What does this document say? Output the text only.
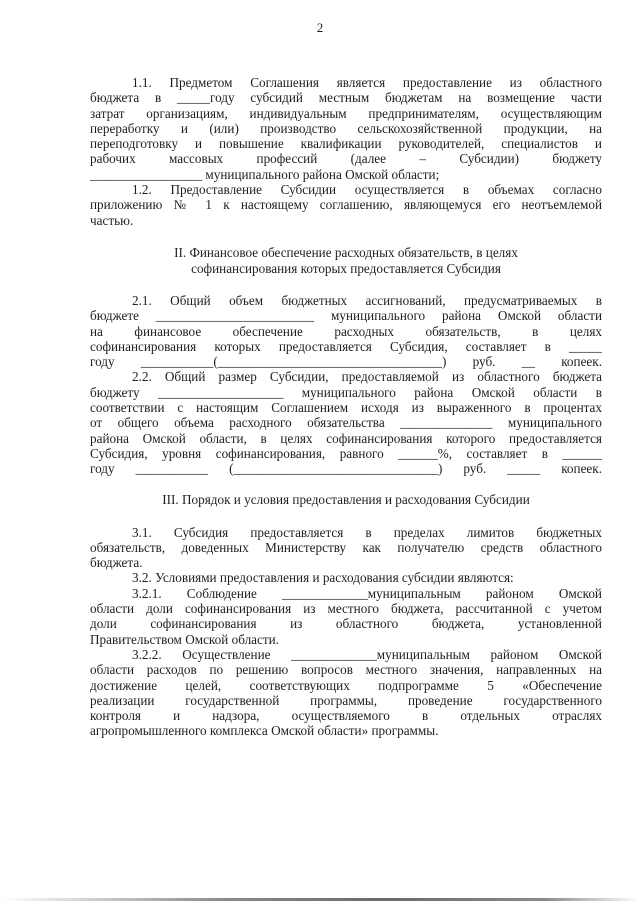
2

1.1. Предметом Соглашения является предоставление из областного
бюджета в _____году субсидий местным бюджетам на возмещение части
затрат организациям, индивидуальным предпринимателям, осуществляющим
переработку и (или) производство сельскохозяйственной продукции, на
переподготовку и повышение квалификации руководителей, специалистов и
рабочих массовых профессий (далее – Субсидии) бюджету
_________________ муниципального района Омской области;

1.2. Предоставление Субсидии осуществляется в объемах согласно
приложению № 1 к настоящему соглашению, являющемуся его неотъемлемой
частью.

II. Финансовое обеспечение расходных обязательств, в целях
софинансирования которых предоставляется Субсидия

2.1. Общий объем бюджетных ассигнований, предусматриваемых в
бюджете ________________________ муниципального района Омской области
на финансовое обеспечение расходных обязательств, в целях
софинансирования которых предоставляется Субсидия, составляет в _____
году ___________(__________________________________) руб. __ копеек.

2.2. Общий размер Субсидии, предоставляемой из областного бюджета
бюджету ___________________ муниципального района Омской области в
соответствии с настоящим Соглашением исходя из выраженного в процентах
от общего объема расходного обязательства ______________ муниципального
района Омской области, в целях софинансирования которого предоставляется
Субсидия, уровня софинансирования, равного ______%, составляет в ______
году ___________ (_______________________________) руб. _____ копеек.

III. Порядок и условия предоставления и расходования Субсидии

3.1. Субсидия предоставляется в пределах лимитов бюджетных
обязательств, доведенных Министерству как получателю средств областного
бюджета.

3.2. Условиями предоставления и расходования субсидии являются:

3.2.1. Соблюдение _____________муниципальным районом Омской
области доли софинансирования из местного бюджета, рассчитанной с учетом
доли софинансирования из областного бюджета, установленной
Правительством Омской области.

3.2.2. Осуществление _____________муниципальным районом Омской
области расходов по решению вопросов местного значения, направленных на
достижение целей, соответствующих подпрограмме 5 «Обеспечение
реализации государственной программы, проведение государственного
контроля и надзора, осуществляемого в отдельных отраслях
агропромышленного комплекса Омской области» программы.
